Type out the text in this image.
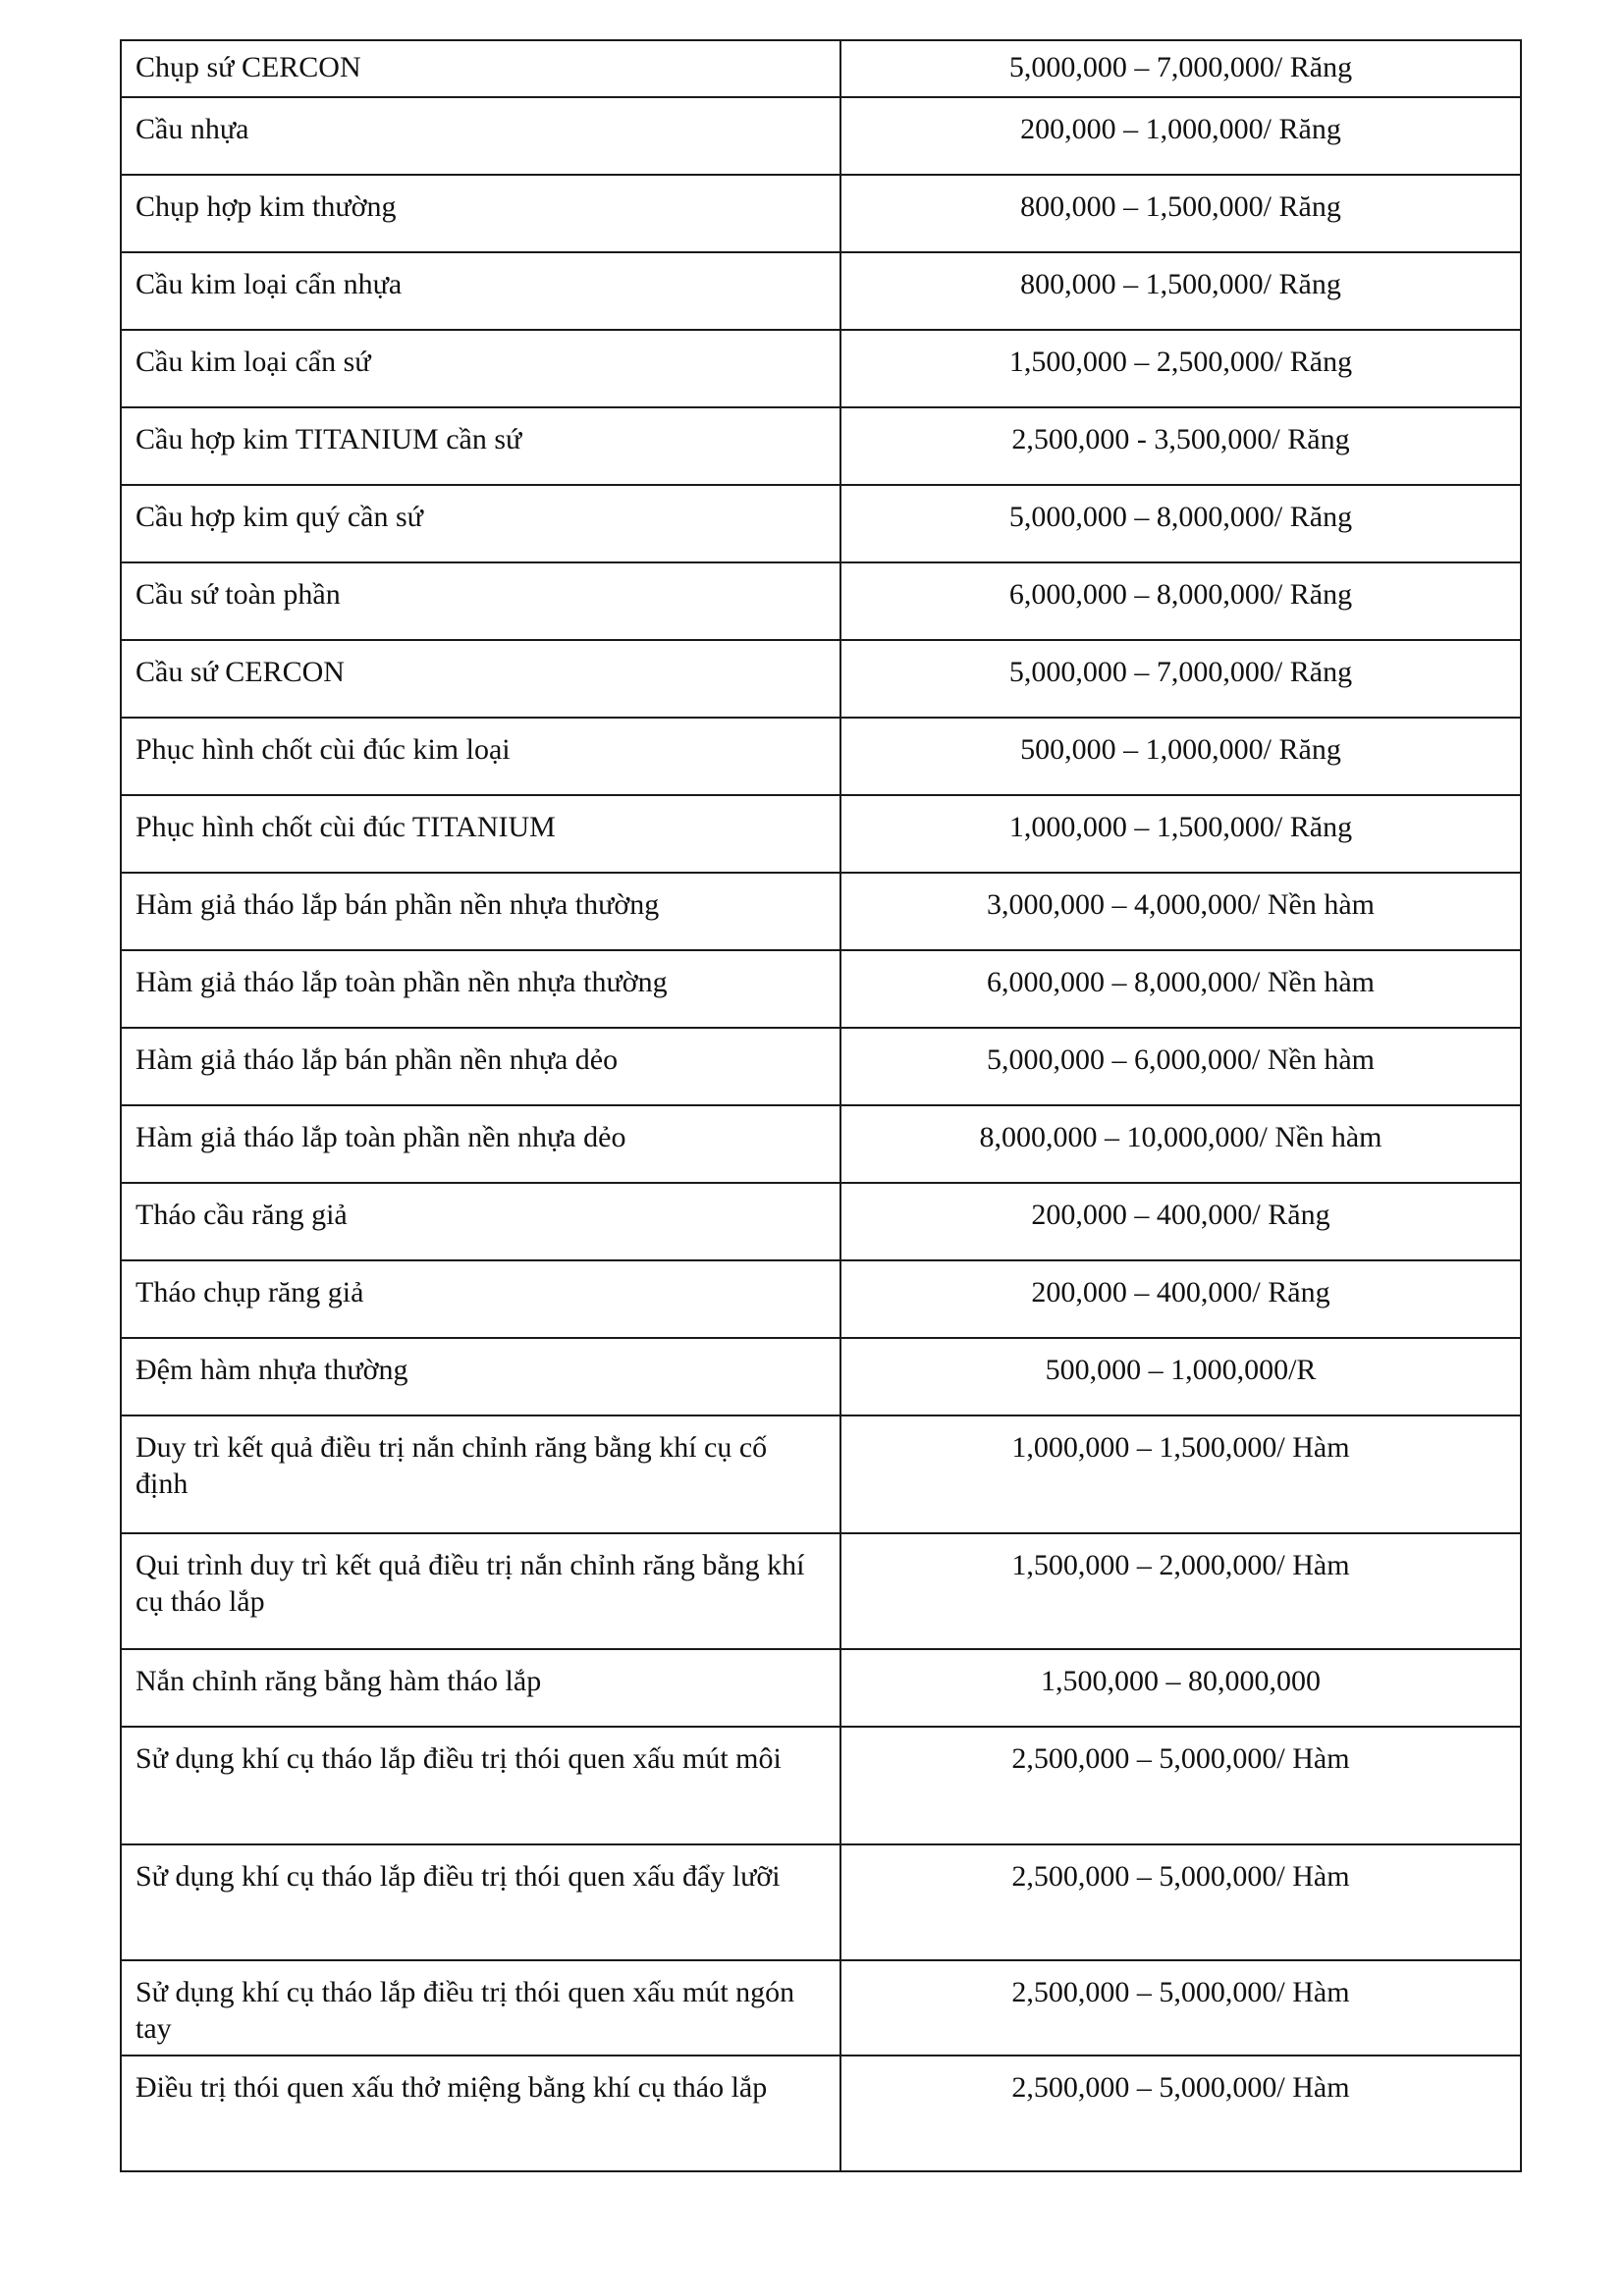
Chụp sứ CERCON	5,000,000 – 7,000,000/ Răng
Cầu nhựa	200,000 – 1,000,000/ Răng
Chụp hợp kim thường	800,000 – 1,500,000/ Răng
Cầu kim loại cẩn nhựa	800,000 – 1,500,000/ Răng
Cầu kim loại cẩn sứ	1,500,000 – 2,500,000/ Răng
Cầu hợp kim TITANIUM cần sứ	2,500,000 - 3,500,000/ Răng
Cầu hợp kim quý cần sứ	5,000,000 – 8,000,000/ Răng
Cầu sứ toàn phần	6,000,000 – 8,000,000/ Răng
Cầu sứ CERCON	5,000,000 – 7,000,000/ Răng
Phục hình chốt cùi đúc kim loại	500,000 – 1,000,000/ Răng
Phục hình chốt cùi đúc TITANIUM	1,000,000 – 1,500,000/ Răng
Hàm giả tháo lắp bán phần nền nhựa thường	3,000,000 – 4,000,000/ Nền hàm
Hàm giả tháo lắp toàn phần nền nhựa thường	6,000,000 – 8,000,000/ Nền hàm
Hàm giả tháo lắp bán phần nền nhựa dẻo	5,000,000 – 6,000,000/ Nền hàm
Hàm giả tháo lắp toàn phần nền nhựa dẻo	8,000,000 – 10,000,000/ Nền hàm
Tháo cầu răng giả	200,000 – 400,000/ Răng
Tháo chụp răng giả	200,000 – 400,000/ Răng
Đệm hàm nhựa thường	500,000 – 1,000,000/R
Duy trì kết quả điều trị nắn chỉnh răng bằng khí cụ cố định	1,000,000 – 1,500,000/ Hàm
Qui trình duy trì kết quả điều trị nắn chỉnh răng bằng khí cụ tháo lắp	1,500,000 – 2,000,000/ Hàm
Nắn chỉnh răng bằng hàm tháo lắp	1,500,000 – 80,000,000
Sử dụng khí cụ tháo lắp điều trị thói quen xấu mút môi	2,500,000 – 5,000,000/ Hàm
Sử dụng khí cụ tháo lắp điều trị thói quen xấu đẩy lưỡi	2,500,000 – 5,000,000/ Hàm
Sử dụng khí cụ tháo lắp điều trị thói quen xấu mút ngón tay	2,500,000 – 5,000,000/ Hàm
Điều trị thói quen xấu thở miệng bằng khí cụ tháo lắp	2,500,000 – 5,000,000/ Hàm
